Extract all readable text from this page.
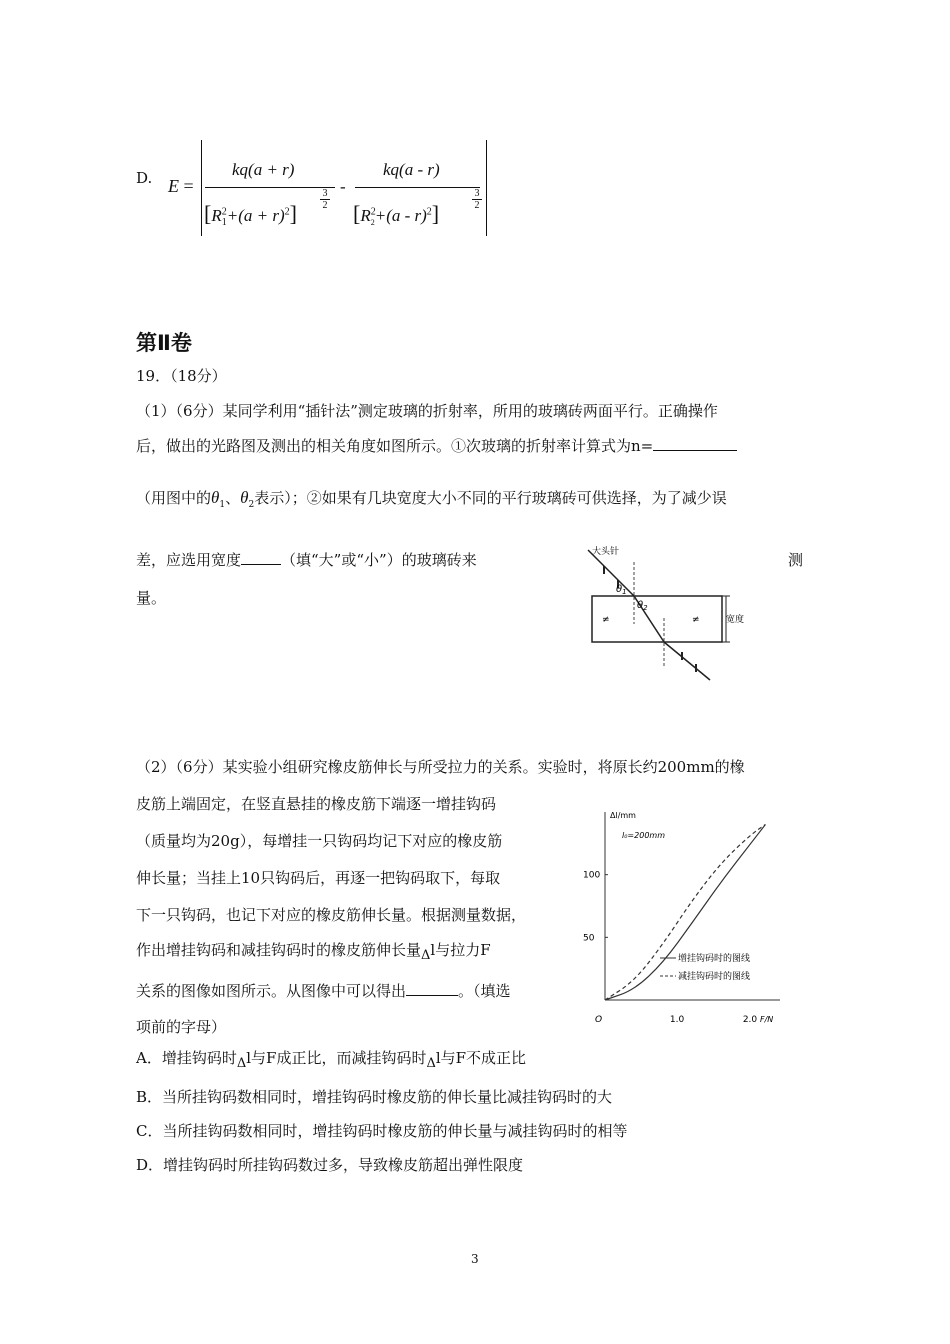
D. E =
kq(a + r)
$[R^2_1+(a + r)^2]$
$\frac{3}{2}$
-
kq(a - r)
$[R^2_2+(a - r)^2]$
$\frac{3}{2}$
第Ⅱ卷
19．（18分）
（1）（6分）某同学利用“插针法”测定玻璃的折射率，所用的玻璃砖两面平行。正确操作
后，做出的光路图及测出的相关角度如图所示。①次玻璃的折射率计算式为n=
（用图中的$\theta_1$、$\theta_2$表示）；②如果有几块宽度大小不同的平行玻璃砖可供选择，为了减少误
差，应选用宽度	（填“大”或“小”）的玻璃砖来	测
量。
大头针
$\theta_1$
$\theta_2$
宽度
≠	≠
（2）（6分）某实验小组研究橡皮筋伸长与所受拉力的关系。实验时，将原长约200mm的橡
皮筋上端固定，在竖直悬挂的橡皮筋下端逐一增挂钩码
（质量均为20g），每增挂一只钩码均记下对应的橡皮筋
伸长量；当挂上10只钩码后，再逐一把钩码取下，每取
下一只钩码，也记下对应的橡皮筋伸长量。根据测量数据，
作出增挂钩码和减挂钩码时的橡皮筋伸长量$_\Delta$l与拉力F
关系的图像如图所示。从图像中可以得出	。（填选
项前的字母）
A．增挂钩码时$_\Delta$l与F成正比，而减挂钩码时$_\Delta$l与F不成正比
B．当所挂钩码数相同时，增挂钩码时橡皮筋的伸长量比减挂钩码时的大
C．当所挂钩码数相同时，增挂钩码时橡皮筋的伸长量与减挂钩码时的相等
D．增挂钩码时所挂钩码数过多，导致橡皮筋超出弹性限度
Δl/mm
l₀=200mm
F/N
100
50
O	1.0	2.0
增挂钩码时的图线
减挂钩码时的图线
3
